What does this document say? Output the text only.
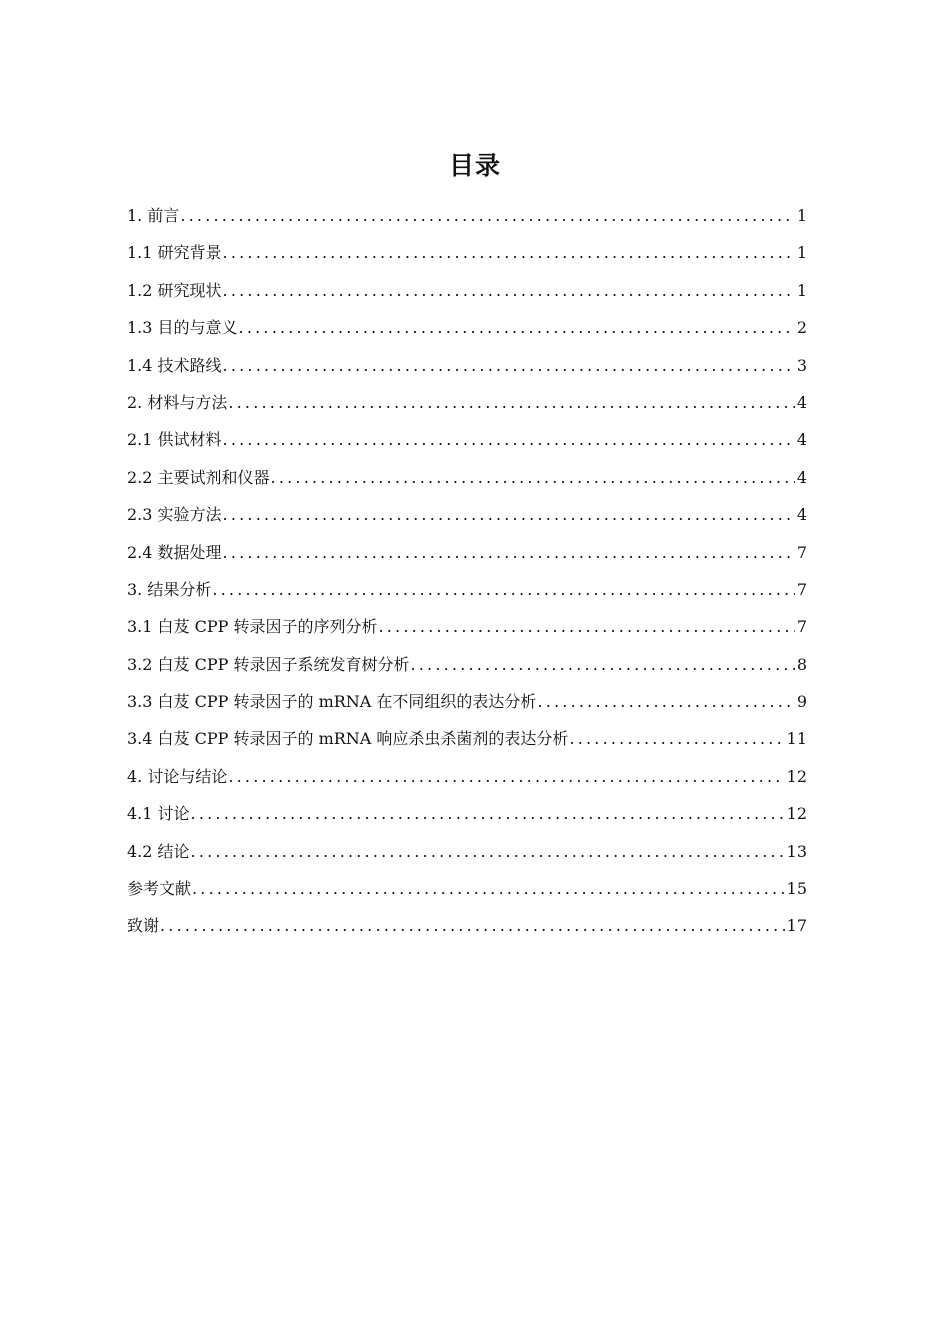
目录
1. 前言 .....	1
1.1 研究背景 .....	1
1.2 研究现状 .....	1
1.3 目的与意义 .....	2
1.4 技术路线 .....	3
2. 材料与方法 .....	4
2.1 供试材料 .....	4
2.2 主要试剂和仪器 .....	4
2.3 实验方法 .....	4
2.4 数据处理 .....	7
3. 结果分析 .....	7
3.1 白芨 CPP 转录因子的序列分析 .....	7
3.2 白芨 CPP 转录因子系统发育树分析 .....	8
3.3 白芨 CPP 转录因子的 mRNA 在不同组织的表达分析 .....	9
3.4 白芨 CPP 转录因子的 mRNA 响应杀虫杀菌剂的表达分析 .....	11
4. 讨论与结论 .....	12
4.1 讨论 .....	12
4.2 结论 .....	13
参考文献 .....	15
致谢 .....	17
